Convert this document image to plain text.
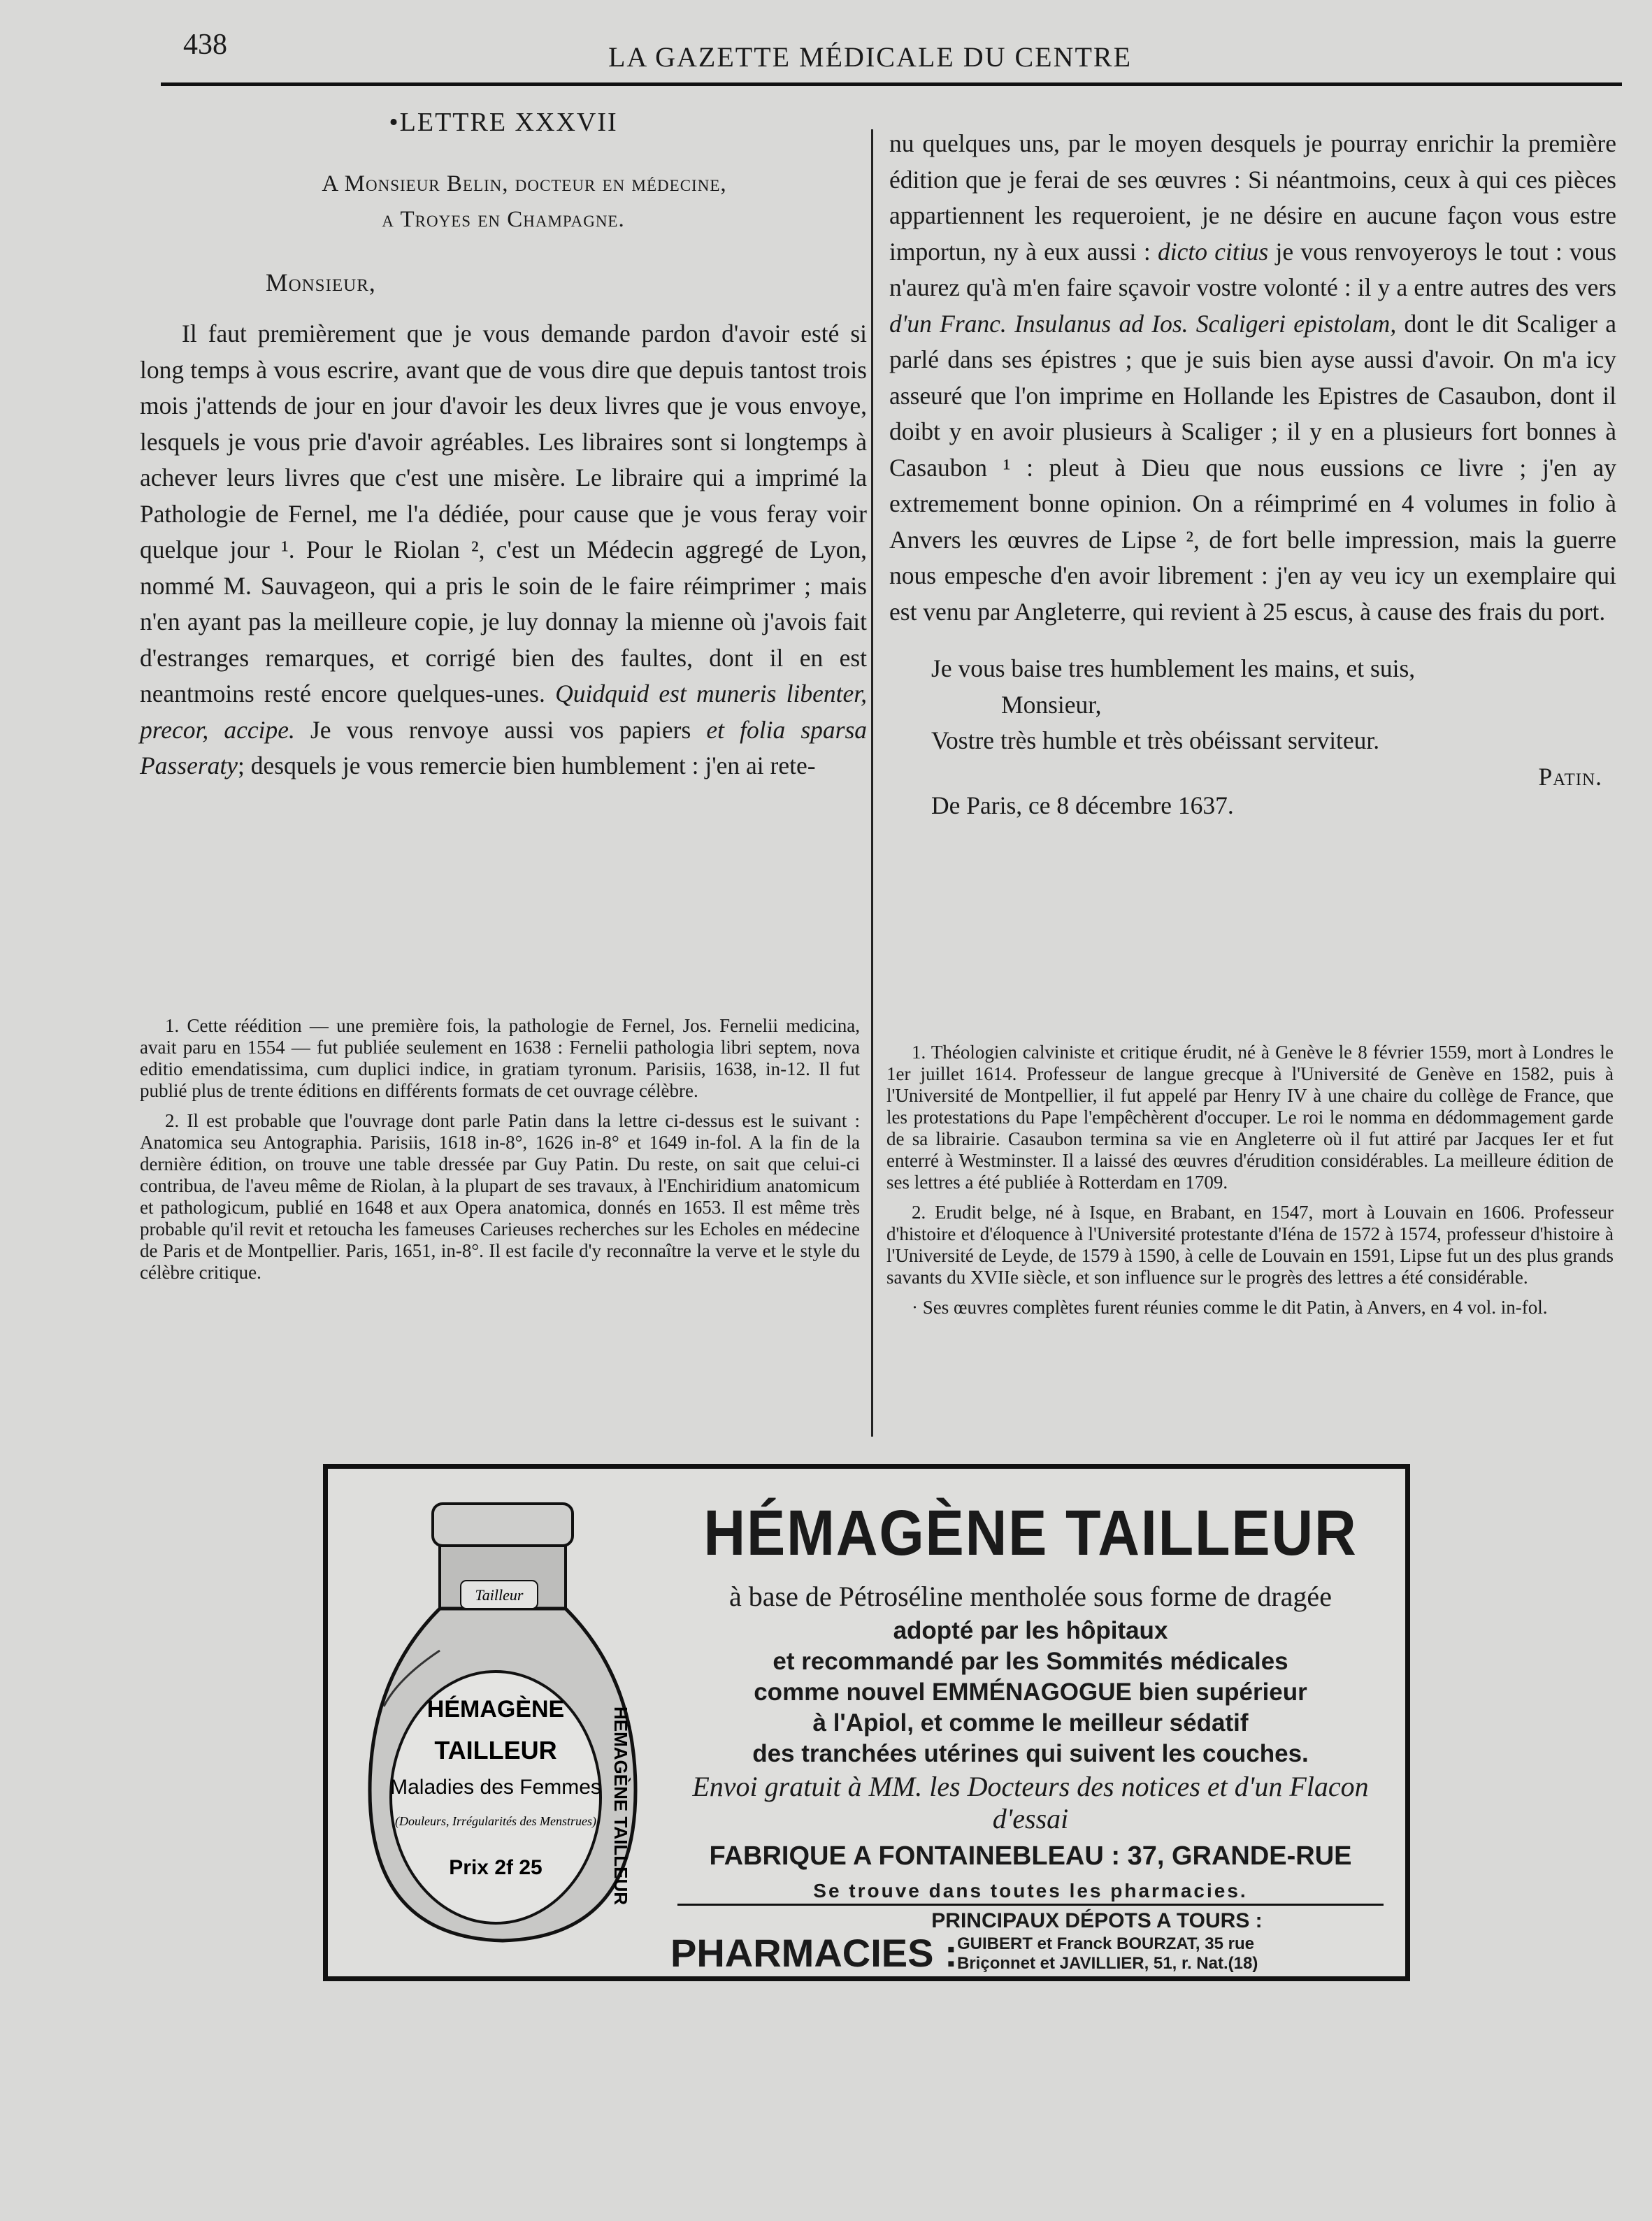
438	LA GAZETTE MÉDICALE DU CENTRE

•LETTRE XXXVII

A Monsieur Belin, docteur en médecine,

a Troyes en Champagne.

Monsieur,

Il faut premièrement que je vous demande pardon d'avoir esté si long temps à vous escrire, avant que de vous dire que depuis tantost trois mois j'attends de jour en jour d'avoir les deux livres que je vous envoye, lesquels je vous prie d'avoir agréables. Les libraires sont si longtemps à achever leurs livres que c'est une misère. Le libraire qui a imprimé la Pathologie de Fernel, me l'a dédiée, pour cause que je vous feray voir quelque jour ¹. Pour le Riolan ², c'est un Médecin aggregé de Lyon, nommé M. Sauvageon, qui a pris le soin de le faire réimprimer ; mais n'en ayant pas la meilleure copie, je luy donnay la mienne où j'avois fait d'estranges remarques, et corrigé bien des faultes, dont il en est neantmoins resté encore quelques-unes. Quidquid est muneris libenter, precor, accipe. Je vous renvoye aussi vos papiers et folia sparsa Passeraty; desquels je vous remercie bien humblement : j'en ai rete-

nu quelques uns, par le moyen desquels je pourray enrichir la première édition que je ferai de ses œuvres : Si néantmoins, ceux à qui ces pièces appartiennent les requeroient, je ne désire en aucune façon vous estre importun, ny à eux aussi : dicto citius je vous renvoyeroys le tout : vous n'aurez qu'à m'en faire sçavoir vostre volonté : il y a entre autres des vers d'un Franc. Insulanus ad Ios. Scaligeri epistolam, dont le dit Scaliger a parlé dans ses épistres ; que je suis bien ayse aussi d'avoir. On m'a icy asseuré que l'on imprime en Hollande les Epistres de Casaubon, dont il doibt y en avoir plusieurs à Scaliger ; il y en a plusieurs fort bonnes à Casaubon ¹ : pleut à Dieu que nous eussions ce livre ; j'en ay extremement bonne opinion. On a réimprimé en 4 volumes in folio à Anvers les œuvres de Lipse ², de fort belle impression, mais la guerre nous empesche d'en avoir librement : j'en ay veu icy un exemplaire qui est venu par Angleterre, qui revient à 25 escus, à cause des frais du port.

Je vous baise tres humblement les mains, et suis,

Monsieur,

Vostre très humble et très obéissant serviteur.

Patin.

De Paris, ce 8 décembre 1637.

1. Cette réédition — une première fois, la pathologie de Fernel, Jos. Fernelii medicina, avait paru en 1554 — fut publiée seulement en 1638 : Fernelii pathologia libri septem, nova editio emendatissima, cum duplici indice, in gratiam tyronum. Parisiis, 1638, in-12. Il fut publié plus de trente éditions en différents formats de cet ouvrage célèbre.

2. Il est probable que l'ouvrage dont parle Patin dans la lettre ci-dessus est le suivant : Anatomica seu Antographia. Parisiis, 1618 in-8°, 1626 in-8° et 1649 in-fol. A la fin de la dernière édition, on trouve une table dressée par Guy Patin. Du reste, on sait que celui-ci contribua, de l'aveu même de Riolan, à la plupart de ses travaux, à l'Enchiridium anatomicum et pathologicum, publié en 1648 et aux Opera anatomica, donnés en 1653. Il est même très probable qu'il revit et retoucha les fameuses Carieuses recherches sur les Echoles en médecine de Paris et de Montpellier. Paris, 1651, in-8°. Il est facile d'y reconnaître la verve et le style du célèbre critique.

1. Théologien calviniste et critique érudit, né à Genève le 8 février 1559, mort à Londres le 1er juillet 1614. Professeur de langue grecque à l'Université de Genève en 1582, puis à l'Université de Montpellier, il fut appelé par Henry IV à une chaire du collège de France, que les protestations du Pape l'empêchèrent d'occuper. Le roi le nomma en dédommagement garde de sa librairie. Casaubon termina sa vie en Angleterre où il fut attiré par Jacques Ier et fut enterré à Westminster. Il a laissé des œuvres d'érudition considérables. La meilleure édition de ses lettres a été publiée à Rotterdam en 1709.

2. Erudit belge, né à Isque, en Brabant, en 1547, mort à Louvain en 1606. Professeur d'histoire et d'éloquence à l'Université protestante d'Iéna de 1572 à 1574, professeur d'histoire à l'Université de Leyde, de 1579 à 1590, à celle de Louvain en 1591, Lipse fut un des plus grands savants du XVIIe siècle, et son influence sur le progrès des lettres a été considérable.

· Ses œuvres complètes furent réunies comme le dit Patin, à Anvers, en 4 vol. in-fol.

Tailleur
HÉMAGÈNE
TAILLEUR
Maladies des Femmes
(Douleurs, Irrégularités des Menstrues)
Prix 2f 25	HÉMAGÈNE TAILLEUR
HÉMAGÈNE TAILLEUR
à base de Pétroséline mentholée sous forme de dragée
adopté par les hôpitaux
et recommandé par les Sommités médicales
comme nouvel EMMÉNAGOGUE bien supérieur
à l'Apiol, et comme le meilleur sédatif
des tranchées utérines qui suivent les couches.
Envoi gratuit à MM. les Docteurs des notices et d'un Flacon d'essai
FABRIQUE A FONTAINEBLEAU : 37, GRANDE-RUE
Se trouve dans toutes les pharmacies.
PRINCIPAUX DÉPOTS A TOURS :
PHARMACIES : GUIBERT et Franck BOURZAT, 35 rue
Briçonnet et JAVILLIER, 51, r. Nat.(18)
